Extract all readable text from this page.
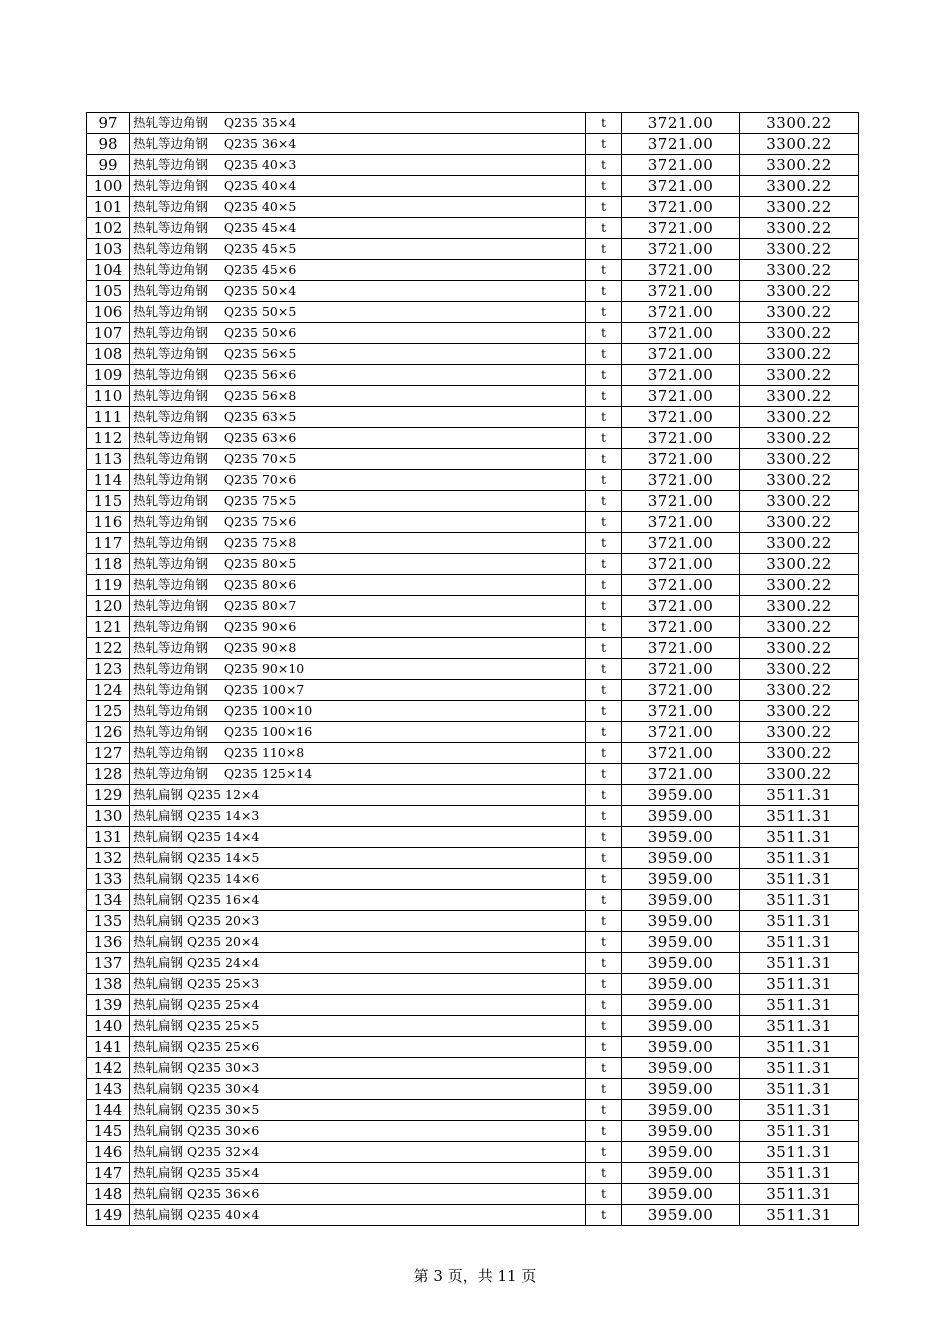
97	热轧等边角钢    Q235 35×4	t	3721.00	3300.22
98	热轧等边角钢    Q235 36×4	t	3721.00	3300.22
99	热轧等边角钢    Q235 40×3	t	3721.00	3300.22
100	热轧等边角钢    Q235 40×4	t	3721.00	3300.22
101	热轧等边角钢    Q235 40×5	t	3721.00	3300.22
102	热轧等边角钢    Q235 45×4	t	3721.00	3300.22
103	热轧等边角钢    Q235 45×5	t	3721.00	3300.22
104	热轧等边角钢    Q235 45×6	t	3721.00	3300.22
105	热轧等边角钢    Q235 50×4	t	3721.00	3300.22
106	热轧等边角钢    Q235 50×5	t	3721.00	3300.22
107	热轧等边角钢    Q235 50×6	t	3721.00	3300.22
108	热轧等边角钢    Q235 56×5	t	3721.00	3300.22
109	热轧等边角钢    Q235 56×6	t	3721.00	3300.22
110	热轧等边角钢    Q235 56×8	t	3721.00	3300.22
111	热轧等边角钢    Q235 63×5	t	3721.00	3300.22
112	热轧等边角钢    Q235 63×6	t	3721.00	3300.22
113	热轧等边角钢    Q235 70×5	t	3721.00	3300.22
114	热轧等边角钢    Q235 70×6	t	3721.00	3300.22
115	热轧等边角钢    Q235 75×5	t	3721.00	3300.22
116	热轧等边角钢    Q235 75×6	t	3721.00	3300.22
117	热轧等边角钢    Q235 75×8	t	3721.00	3300.22
118	热轧等边角钢    Q235 80×5	t	3721.00	3300.22
119	热轧等边角钢    Q235 80×6	t	3721.00	3300.22
120	热轧等边角钢    Q235 80×7	t	3721.00	3300.22
121	热轧等边角钢    Q235 90×6	t	3721.00	3300.22
122	热轧等边角钢    Q235 90×8	t	3721.00	3300.22
123	热轧等边角钢    Q235 90×10	t	3721.00	3300.22
124	热轧等边角钢    Q235 100×7	t	3721.00	3300.22
125	热轧等边角钢    Q235 100×10	t	3721.00	3300.22
126	热轧等边角钢    Q235 100×16	t	3721.00	3300.22
127	热轧等边角钢    Q235 110×8	t	3721.00	3300.22
128	热轧等边角钢    Q235 125×14	t	3721.00	3300.22
129	热轧扁钢 Q235 12×4	t	3959.00	3511.31
130	热轧扁钢 Q235 14×3	t	3959.00	3511.31
131	热轧扁钢 Q235 14×4	t	3959.00	3511.31
132	热轧扁钢 Q235 14×5	t	3959.00	3511.31
133	热轧扁钢 Q235 14×6	t	3959.00	3511.31
134	热轧扁钢 Q235 16×4	t	3959.00	3511.31
135	热轧扁钢 Q235 20×3	t	3959.00	3511.31
136	热轧扁钢 Q235 20×4	t	3959.00	3511.31
137	热轧扁钢 Q235 24×4	t	3959.00	3511.31
138	热轧扁钢 Q235 25×3	t	3959.00	3511.31
139	热轧扁钢 Q235 25×4	t	3959.00	3511.31
140	热轧扁钢 Q235 25×5	t	3959.00	3511.31
141	热轧扁钢 Q235 25×6	t	3959.00	3511.31
142	热轧扁钢 Q235 30×3	t	3959.00	3511.31
143	热轧扁钢 Q235 30×4	t	3959.00	3511.31
144	热轧扁钢 Q235 30×5	t	3959.00	3511.31
145	热轧扁钢 Q235 30×6	t	3959.00	3511.31
146	热轧扁钢 Q235 32×4	t	3959.00	3511.31
147	热轧扁钢 Q235 35×4	t	3959.00	3511.31
148	热轧扁钢 Q235 36×6	t	3959.00	3511.31
149	热轧扁钢 Q235 40×4	t	3959.00	3511.31
第 3 页，共 11 页
